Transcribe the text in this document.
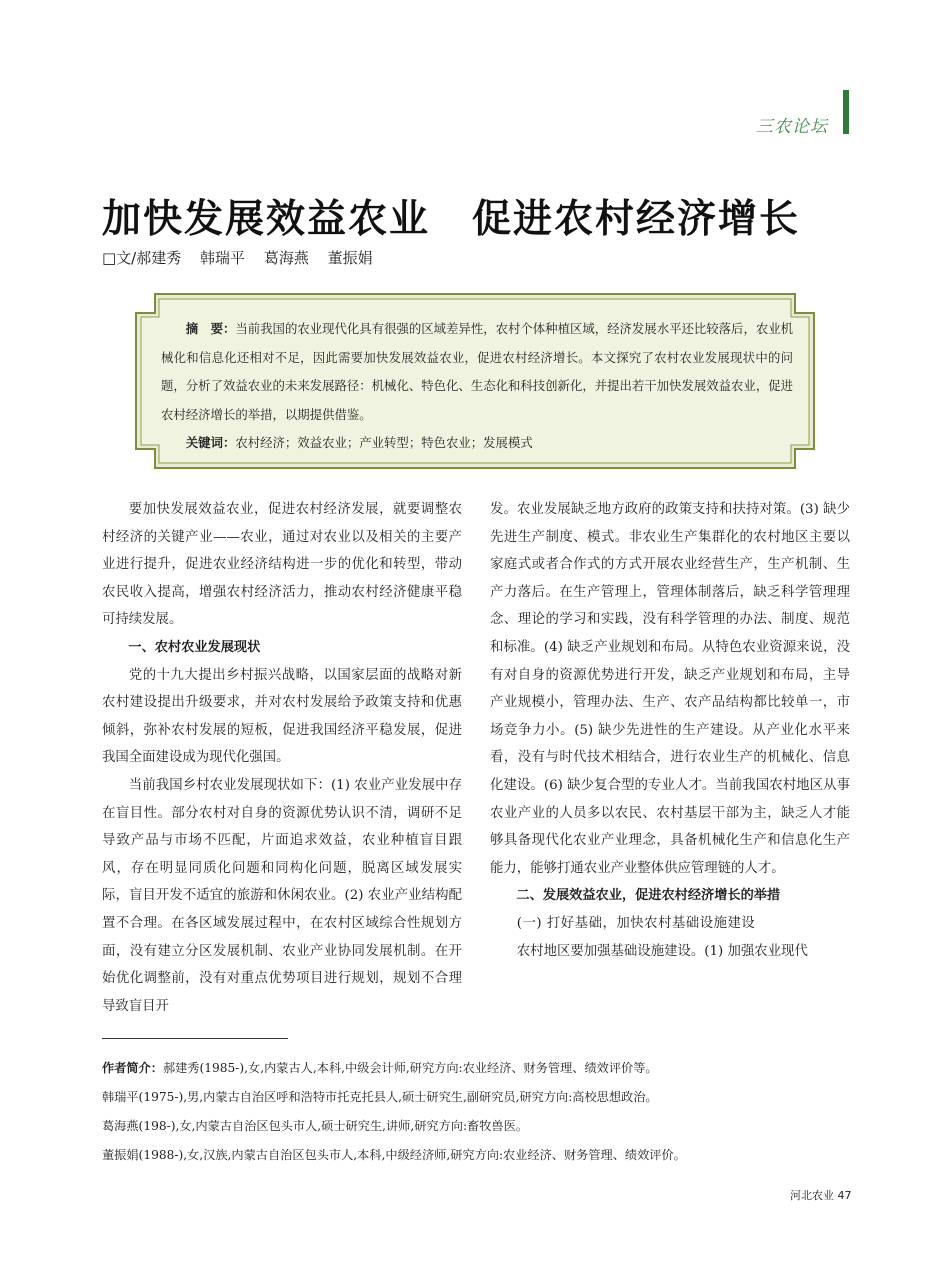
三农论坛
加快发展效益农业 促进农村经济增长
□文/郝建秀 韩瑞平 葛海燕 董振娟

摘　要：当前我国的农业现代化具有很强的区域差异性，农村个体种植区域，经济发展水平还比较落后，农业机械化和信息化还相对不足，因此需要加快发展效益农业，促进农村经济增长。本文探究了农村农业发展现状中的问题，分析了效益农业的未来发展路径：机械化、特色化、生态化和科技创新化，并提出若干加快发展效益农业，促进农村经济增长的举措，以期提供借鉴。

关键词：农村经济；效益农业；产业转型；特色农业；发展模式

要加快发展效益农业，促进农村经济发展，就要调整农村经济的关键产业——农业，通过对农业以及相关的主要产业进行提升，促进农业经济结构进一步的优化和转型，带动农民收入提高，增强农村经济活力，推动农村经济健康平稳可持续发展。

一、农村农业发展现状

党的十九大提出乡村振兴战略，以国家层面的战略对新农村建设提出升级要求，并对农村发展给予政策支持和优惠倾斜，弥补农村发展的短板，促进我国经济平稳发展，促进我国全面建设成为现代化强国。

当前我国乡村农业发展现状如下：(1) 农业产业发展中存在盲目性。部分农村对自身的资源优势认识不清，调研不足导致产品与市场不匹配，片面追求效益，农业种植盲目跟风，存在明显同质化问题和同构化问题，脱离区域发展实际，盲目开发不适宜的旅游和休闲农业。(2) 农业产业结构配置不合理。在各区域发展过程中，在农村区域综合性规划方面，没有建立分区发展机制、农业产业协同发展机制。在开始优化调整前，没有对重点优势项目进行规划，规划不合理导致盲目开

发。农业发展缺乏地方政府的政策支持和扶持对策。(3) 缺少先进生产制度、模式。非农业生产集群化的农村地区主要以家庭式或者合作式的方式开展农业经营生产，生产机制、生产力落后。在生产管理上，管理体制落后，缺乏科学管理理念、理论的学习和实践，没有科学管理的办法、制度、规范和标准。(4) 缺乏产业规划和布局。从特色农业资源来说，没有对自身的资源优势进行开发，缺乏产业规划和布局，主导产业规模小，管理办法、生产、农产品结构都比较单一，市场竞争力小。(5) 缺少先进性的生产建设。从产业化水平来看，没有与时代技术相结合，进行农业生产的机械化、信息化建设。(6) 缺少复合型的专业人才。当前我国农村地区从事农业产业的人员多以农民、农村基层干部为主，缺乏人才能够具备现代化农业产业理念，具备机械化生产和信息化生产能力，能够打通农业产业整体供应管理链的人才。

二、发展效益农业，促进农村经济增长的举措

(一) 打好基础，加快农村基础设施建设

农村地区要加强基础设施建设。(1) 加强农业现代

作者简介：郝建秀(1985-),女,内蒙古人,本科,中级会计师,研究方向:农业经济、财务管理、绩效评价等。

韩瑞平(1975-),男,内蒙古自治区呼和浩特市托克托县人,硕士研究生,副研究员,研究方向:高校思想政治。

葛海燕(198-),女,内蒙古自治区包头市人,硕士研究生,讲师,研究方向:畜牧兽医。

董振娟(1988-),女,汉族,内蒙古自治区包头市人,本科,中级经济师,研究方向:农业经济、财务管理、绩效评价。

河北农业 47
